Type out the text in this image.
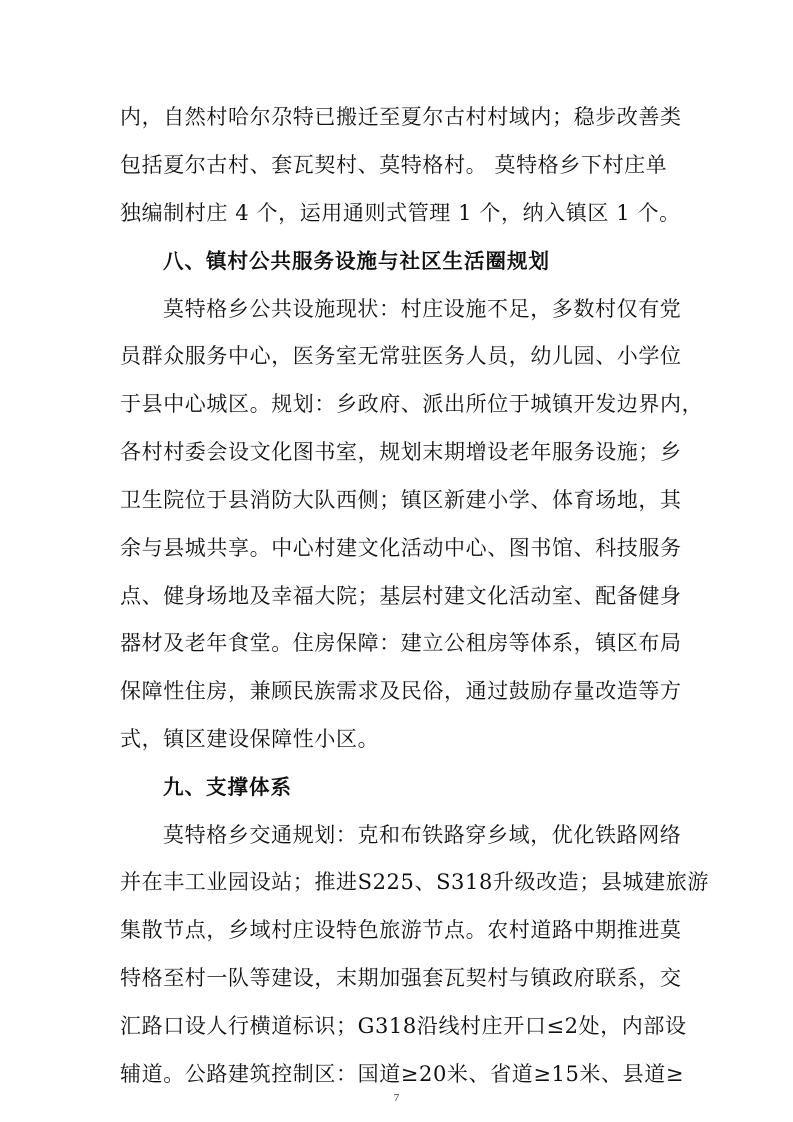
内，自然村哈尔尕特已搬迁至夏尔古村村域内；稳步改善类
包括夏尔古村、套瓦契村、莫特格村。 莫特格乡下村庄单
独编制村庄 4 个，运用通则式管理 1 个，纳入镇区 1 个。
八、镇村公共服务设施与社区生活圈规划
莫特格乡公共设施现状：村庄设施不足，多数村仅有党
员群众服务中心，医务室无常驻医务人员，幼儿园、小学位
于县中心城区。规划：乡政府、派出所位于城镇开发边界内，
各村村委会设文化图书室，规划末期增设老年服务设施；乡
卫生院位于县消防大队西侧；镇区新建小学、体育场地，其
余与县城共享。中心村建文化活动中心、图书馆、科技服务
点、健身场地及幸福大院；基层村建文化活动室、配备健身
器材及老年食堂。住房保障：建立公租房等体系，镇区布局
保障性住房，兼顾民族需求及民俗，通过鼓励存量改造等方
式，镇区建设保障性小区。
九、支撑体系
莫特格乡交通规划：克和布铁路穿乡域，优化铁路网络
并在丰工业园设站；推进S225、S318升级改造；县城建旅游
集散节点，乡域村庄设特色旅游节点。农村道路中期推进莫
特格至村一队等建设，末期加强套瓦契村与镇政府联系，交
汇路口设人行横道标识；G318沿线村庄开口≤2处，内部设
辅道。公路建筑控制区：国道≥20米、省道≥15米、县道≥
7
